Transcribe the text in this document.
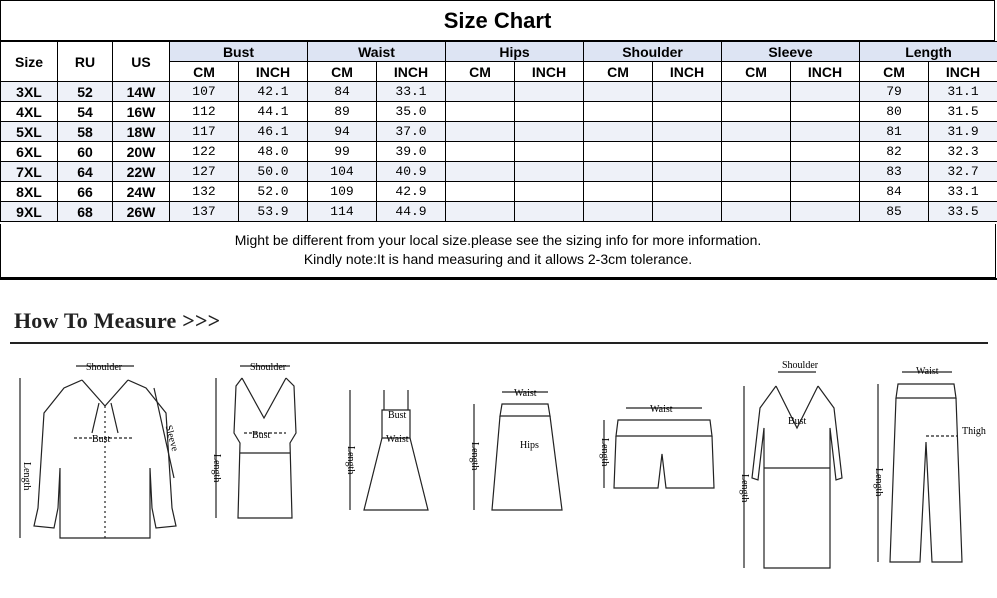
Size Chart
Size	RU	US	Bust		Waist		Hips		Shoulder		Sleeve		Length	
			CM	INCH	CM	INCH	CM	INCH	CM	INCH	CM	INCH	CM	INCH
3XL	52	14W	107	42.1	84	33.1							79	31.1
4XL	54	16W	112	44.1	89	35.0							80	31.5
5XL	58	18W	117	46.1	94	37.0							81	31.9
6XL	60	20W	122	48.0	99	39.0							82	32.3
7XL	64	22W	127	50.0	104	40.9							83	32.7
8XL	66	24W	132	52.0	109	42.9							84	33.1
9XL	68	26W	137	53.9	114	44.9							85	33.5
Might be different from your local size.please see the sizing info for more information.
Kindly note:It is hand measuring and it allows 2-3cm tolerance.
How To Measure >>>
Shoulder
Bust
Length
Sleeve
Shoulder
Bust
Length
Bust
Waist
Length
Waist
Hips
Length
Waist
Length
Shoulder
Bust
Length
Waist
Thigh
Length
